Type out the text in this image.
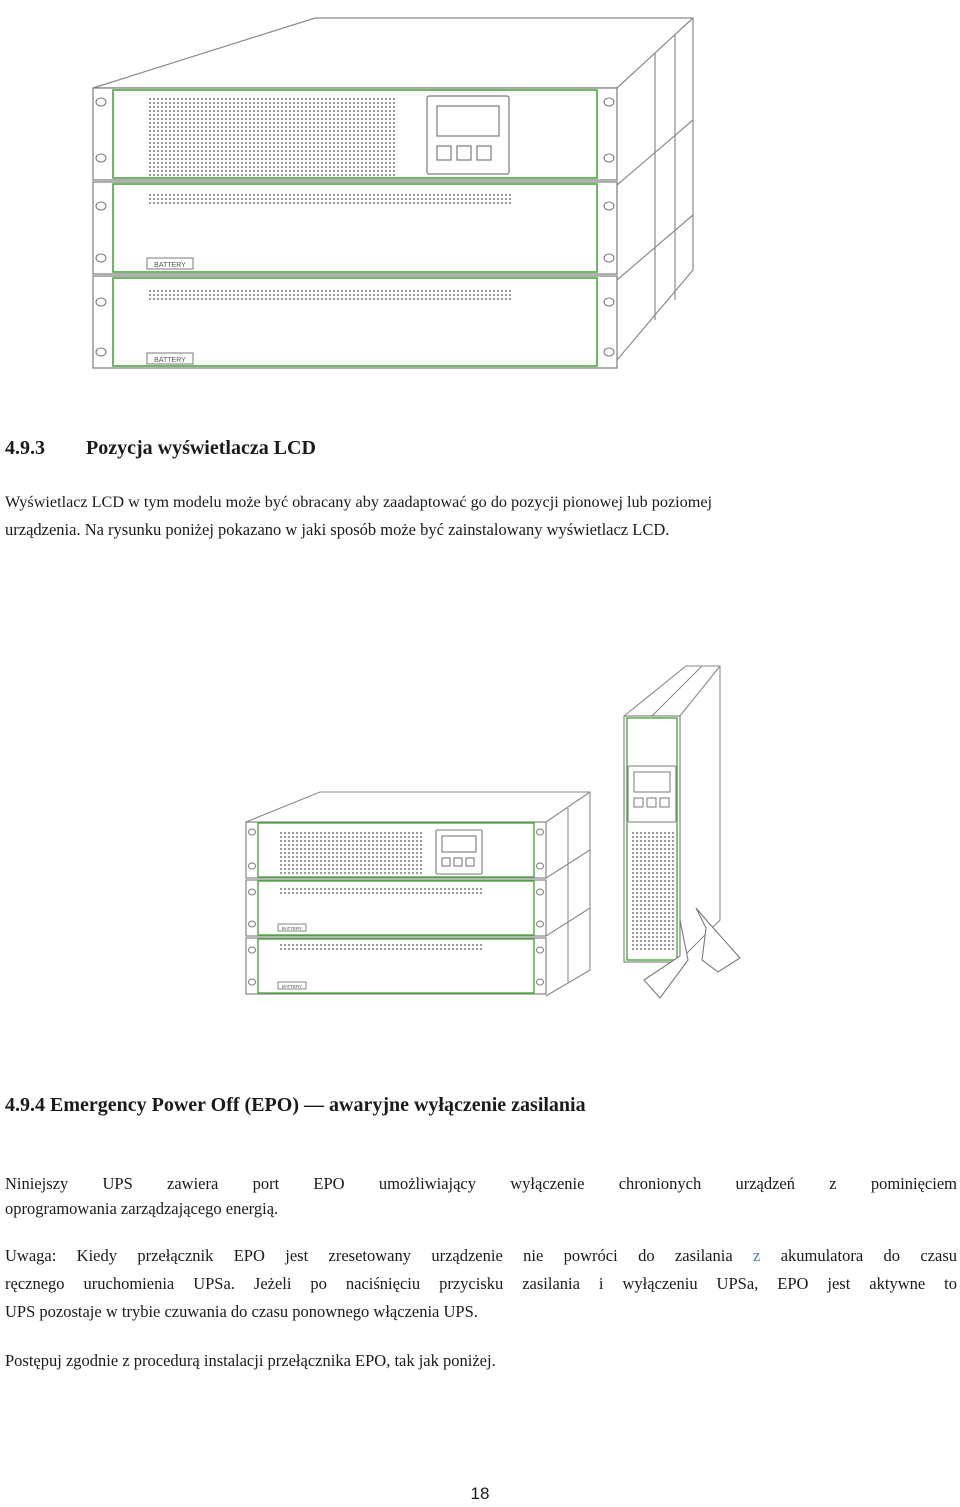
BATTERY
BATTERY
4.9.3 Pozycja wyświetlacza LCD
Wyświetlacz LCD w tym modelu może być obracany aby zaadaptować go do pozycji pionowej lub poziomej
urządzenia. Na rysunku poniżej pokazano w jaki sposób może być zainstalowany wyświetlacz LCD.
BATTERY
BATTERY
4.9.4 Emergency Power Off (EPO) — awaryjne wyłączenie zasilania
Niniejszy UPS zawiera port EPO umożliwiający wyłączenie chronionych urządzeń z pominięciem
oprogramowania zarządzającego energią.
Uwaga: Kiedy przełącznik EPO jest zresetowany urządzenie nie powróci do zasilania z akumulatora do czasu
ręcznego uruchomienia UPSa. Jeżeli po naciśnięciu przycisku zasilania i wyłączeniu UPSa, EPO jest aktywne to
UPS pozostaje w trybie czuwania do czasu ponownego włączenia UPS.
Postępuj zgodnie z procedurą instalacji przełącznika EPO, tak jak poniżej.
18
